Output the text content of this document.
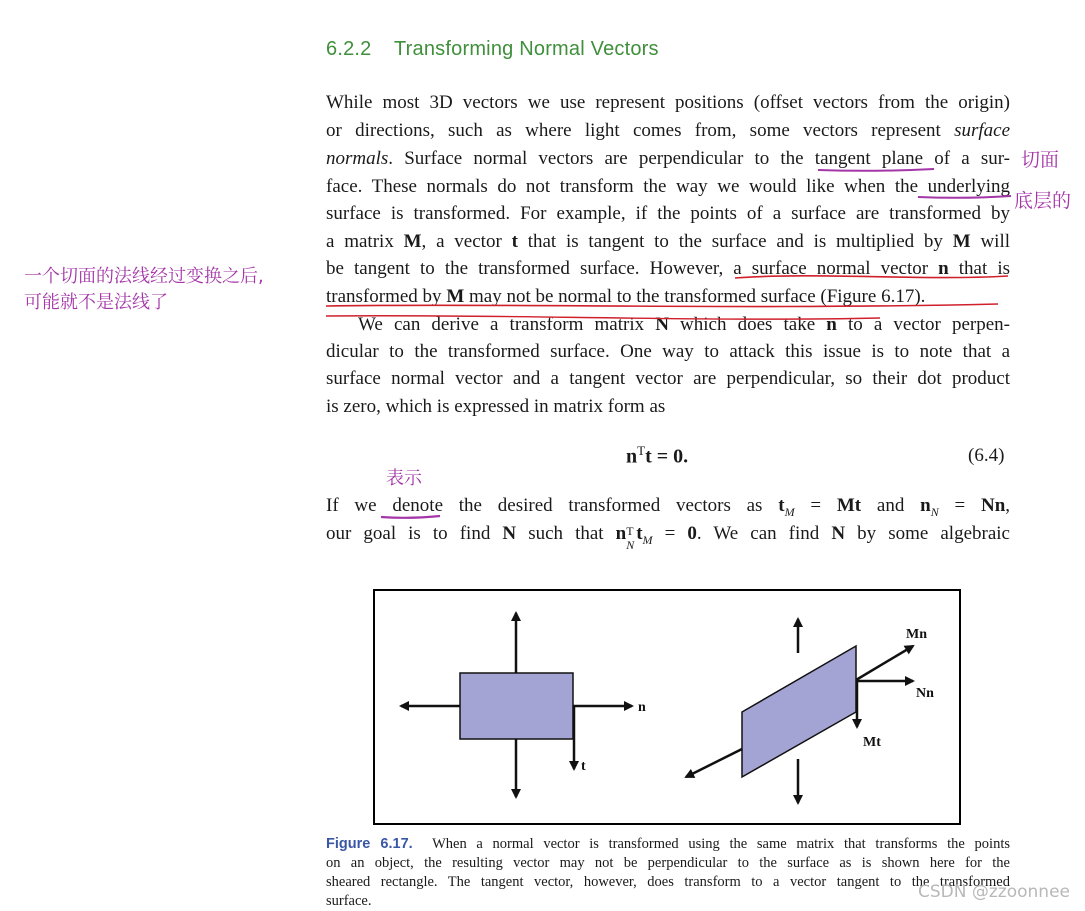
6.2.2 Transforming Normal Vectors
While most 3D vectors we use represent positions (offset vectors from the origin)
or directions, such as where light comes from, some vectors represent surface
normals. Surface normal vectors are perpendicular to the tangent plane of a sur-
face. These normals do not transform the way we would like when the underlying
surface is transformed. For example, if the points of a surface are transformed by
a matrix M, a vector t that is tangent to the surface and is multiplied by M will
be tangent to the transformed surface. However, a surface normal vector n that is
transformed by M may not be normal to the transformed surface (Figure 6.17).
We can derive a transform matrix N which does take n to a vector perpen-
dicular to the transformed surface. One way to attack this issue is to note that a
surface normal vector and a tangent vector are perpendicular, so their dot product
is zero, which is expressed in matrix form as
$n^Tt = 0$.	(6.4)
If we denote the desired transformed vectors as $t_M = Mt$ and $n_N = Nn$,
our goal is to find N such that n T
N
$t_M = 0$. We can find N by some algebraic
切面
底层的
一个切面的法线经过变换之后,
可能就不是法线了
表示
n
t
Mn
Nn
Mt
Figure 6.17. When a normal vector is transformed using the same matrix that transforms the points
on an object, the resulting vector may not be perpendicular to the surface as is shown here for the
sheared rectangle. The tangent vector, however, does transform to a vector tangent to the transformed
surface.	CSDN @zzoonnee
